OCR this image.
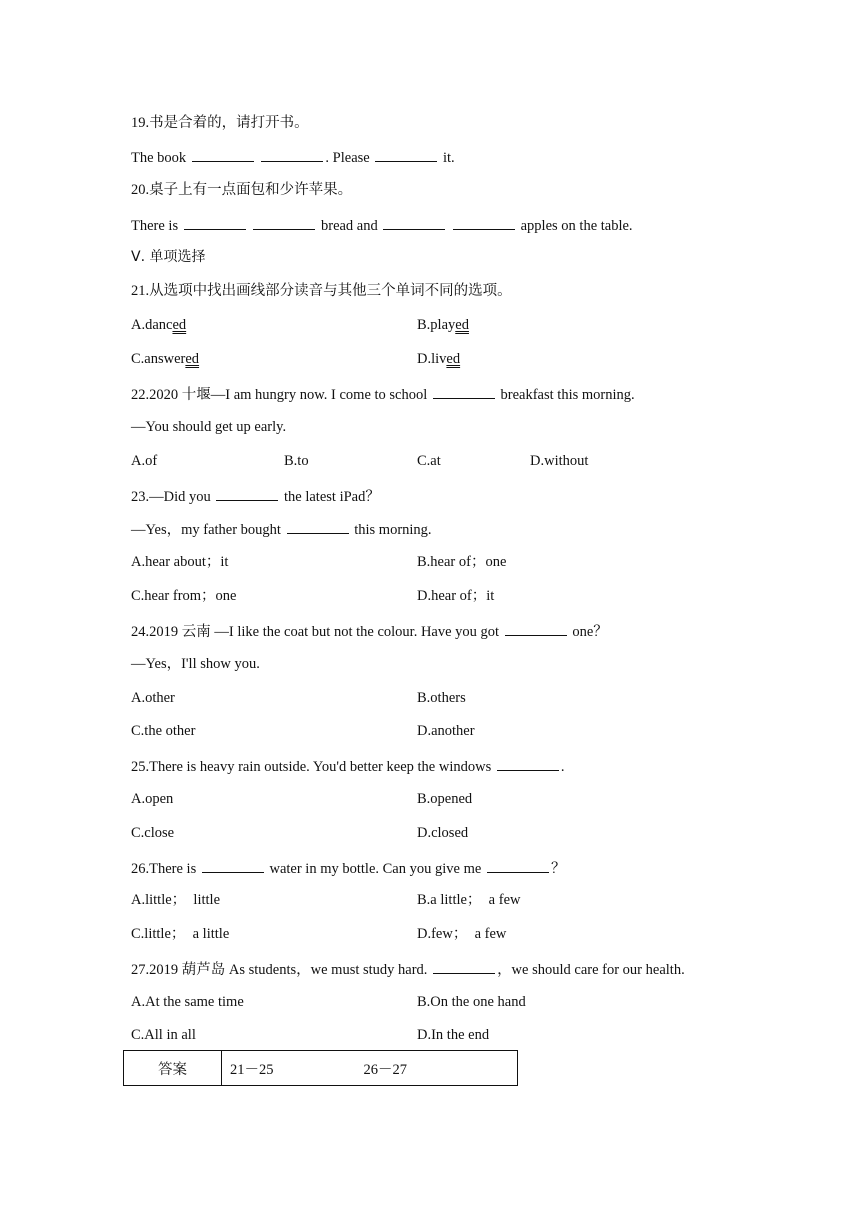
19.书是合着的，请打开书。
The book	. Please	it.
20.桌子上有一点面包和少许苹果。
There is	bread and	apples on the table.
Ⅴ. 单项选择
21.从选项中找出画线部分读音与其他三个单词不同的选项。
A.danced	B.played
C.answered	D.lived
22.2020 十堰—I am hungry now. I come to school	breakfast this morning.
—You should get up early.
A.of	B.to	C.at	D.without
23.—Did you	the latest iPad？
—Yes，my father bought	this morning.
A.hear about；it	B.hear of；one
C.hear from；one	D.hear of；it
24.2019 云南 —I like the coat but not the colour. Have you got	one？
—Yes，I'll show you.
A.other	B.others
C.the other	D.another
25.There is heavy rain outside. You'd better keep the windows	.
A.open	B.opened
C.close	D.closed
26.There is	water in my bottle. Can you give me	？
A.little；  little	B.a little；  a few
C.little；  a little	D.few；  a few
27.2019 葫芦岛 As students，we must study hard.	，we should care for our health.
A.At the same time	B.On the one hand
C.All in all	D.In the end
答案	21－25	26－27
